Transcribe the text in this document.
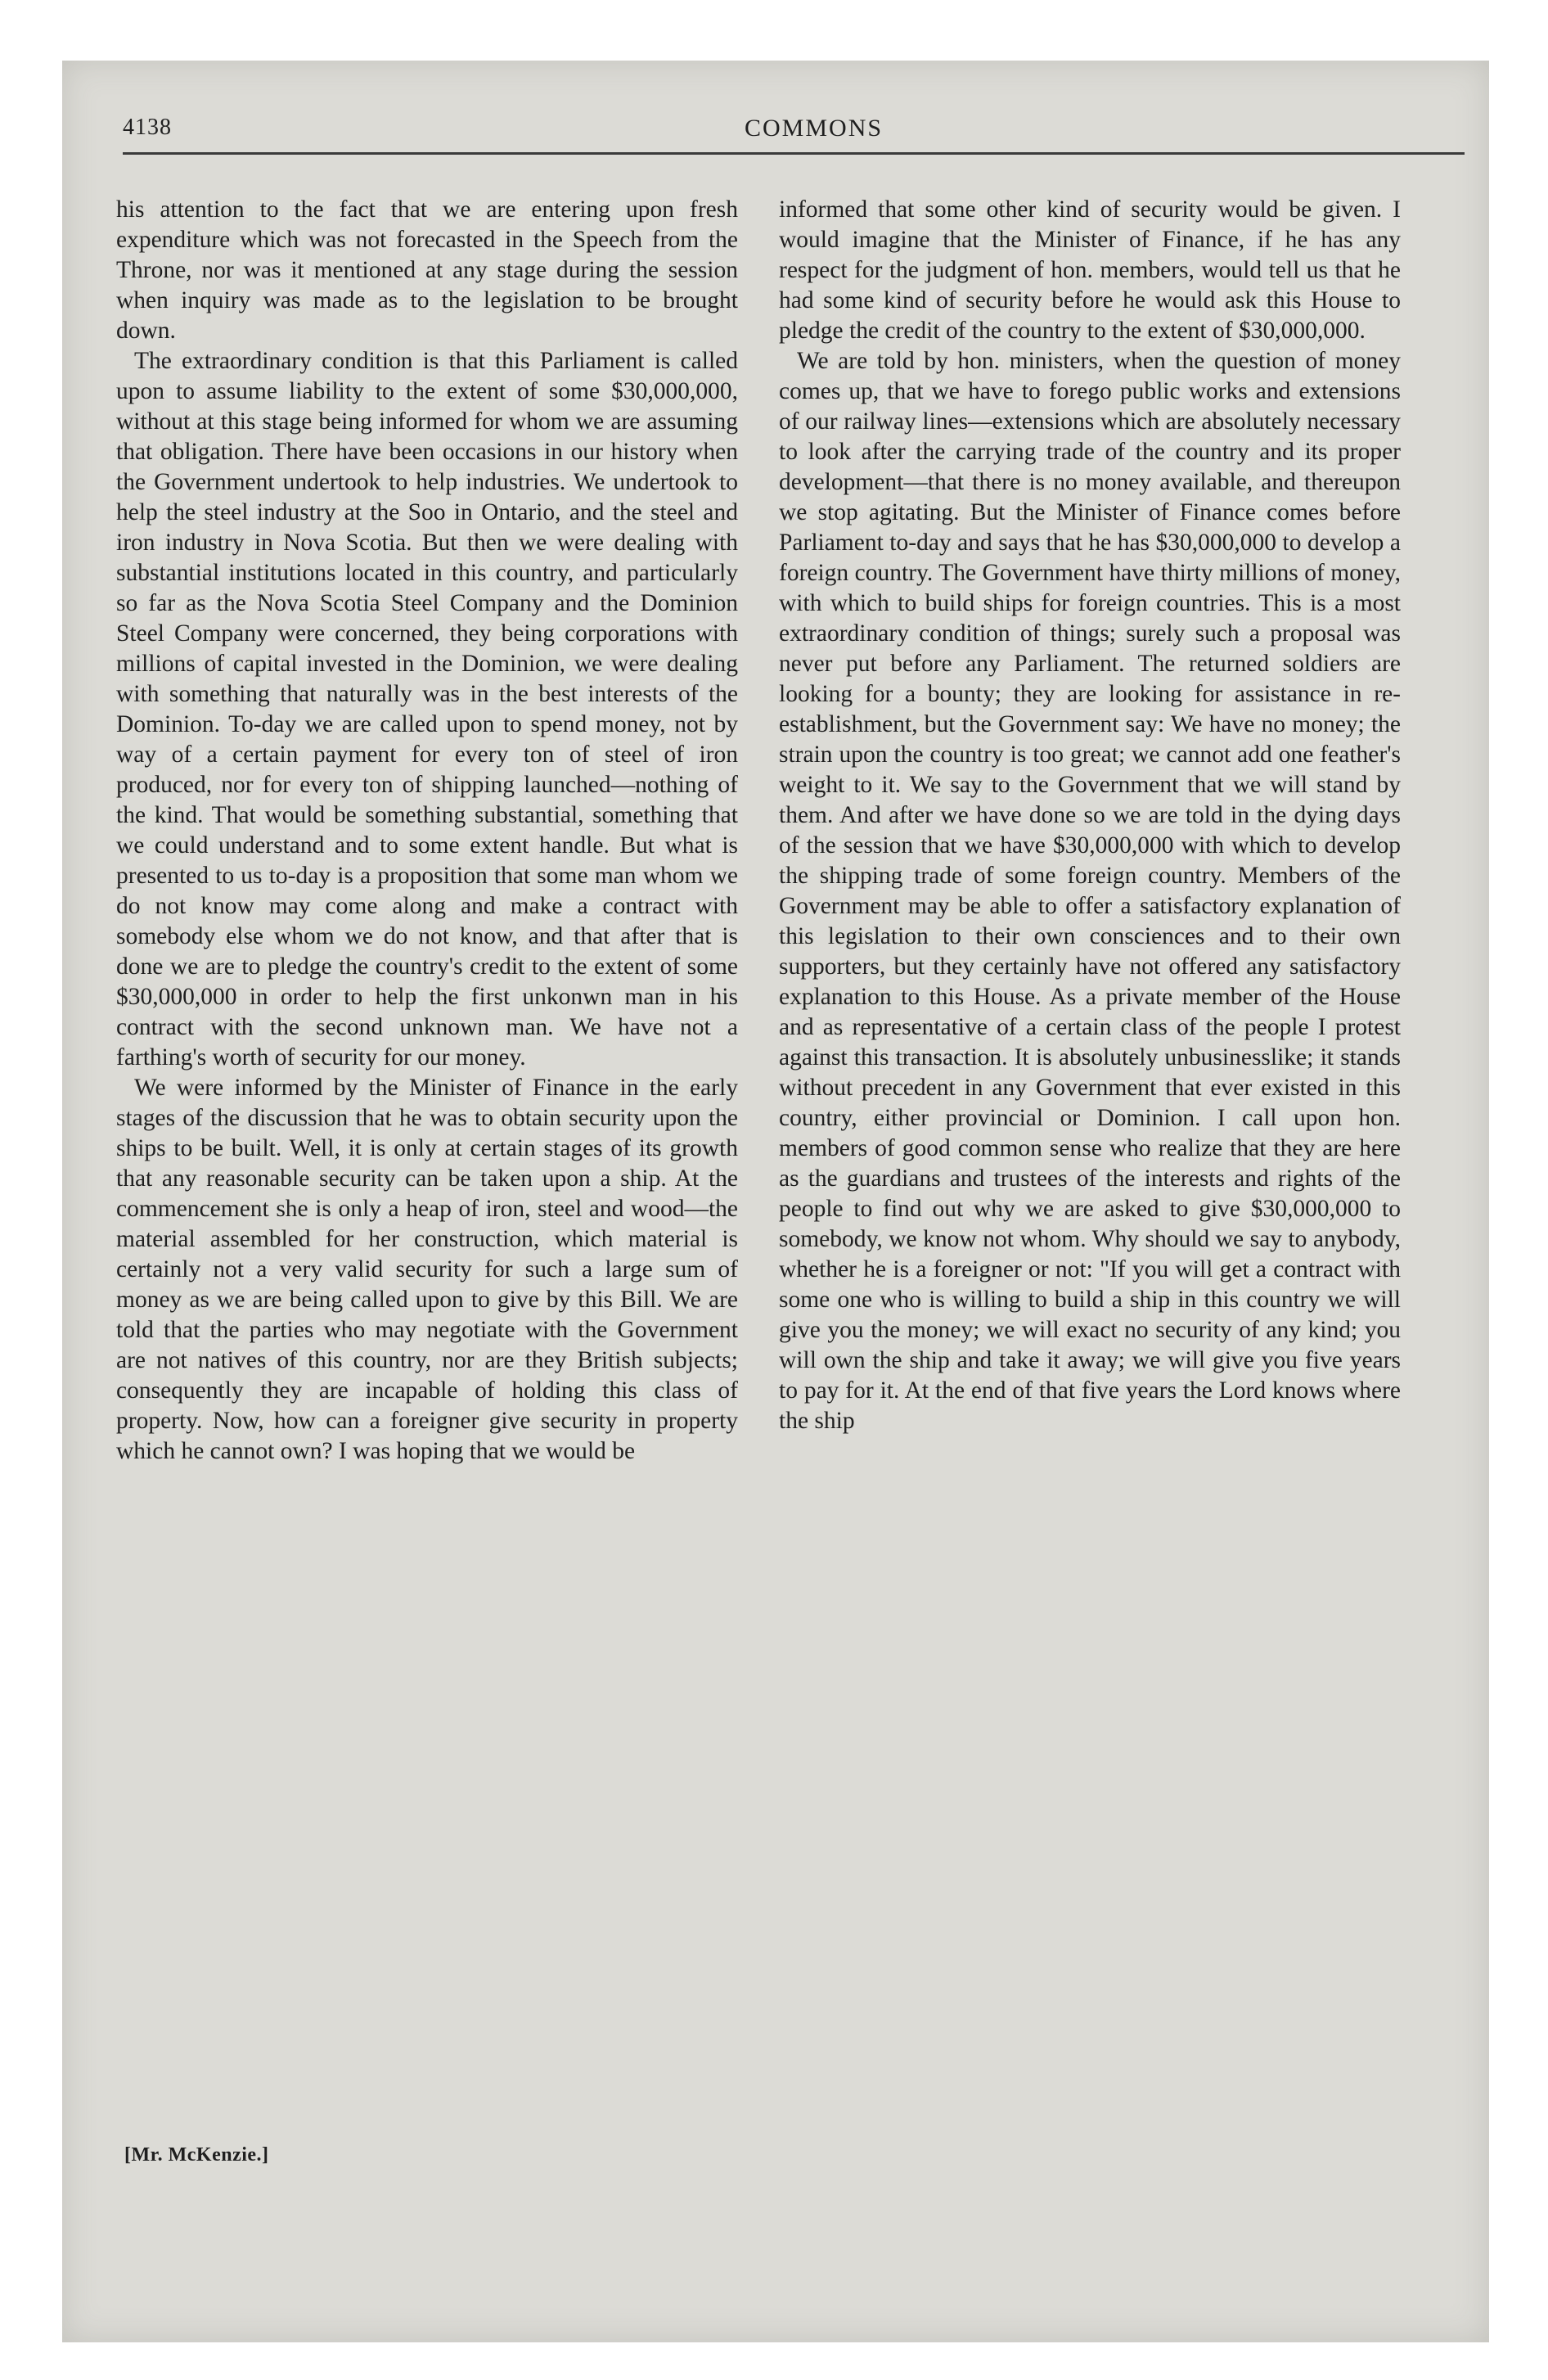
4138	COMMONS

his attention to the fact that we are entering upon fresh expenditure which was not forecasted in the Speech from the Throne, nor was it mentioned at any stage during the session when inquiry was made as to the legislation to be brought down.

The extraordinary condition is that this Parliament is called upon to assume liability to the extent of some $30,000,000, without at this stage being informed for whom we are assuming that obligation. There have been occasions in our history when the Government undertook to help industries. We undertook to help the steel industry at the Soo in Ontario, and the steel and iron industry in Nova Scotia. But then we were dealing with substantial institutions located in this country, and particularly so far as the Nova Scotia Steel Company and the Dominion Steel Company were concerned, they being corporations with millions of capital invested in the Dominion, we were dealing with something that naturally was in the best interests of the Dominion. To-day we are called upon to spend money, not by way of a certain payment for every ton of steel of iron produced, nor for every ton of shipping launched—nothing of the kind. That would be something substantial, something that we could understand and to some extent handle. But what is presented to us to-day is a proposition that some man whom we do not know may come along and make a contract with somebody else whom we do not know, and that after that is done we are to pledge the country's credit to the extent of some $30,000,000 in order to help the first unkonwn man in his contract with the second unknown man. We have not a farthing's worth of security for our money.

We were informed by the Minister of Finance in the early stages of the discussion that he was to obtain security upon the ships to be built. Well, it is only at certain stages of its growth that any reasonable security can be taken upon a ship. At the commencement she is only a heap of iron, steel and wood—the material assembled for her construction, which material is certainly not a very valid security for such a large sum of money as we are being called upon to give by this Bill. We are told that the parties who may negotiate with the Government are not natives of this country, nor are they British subjects; consequently they are incapable of holding this class of property. Now, how can a foreigner give security in property which he cannot own? I was hoping that we would be

informed that some other kind of security would be given. I would imagine that the Minister of Finance, if he has any respect for the judgment of hon. members, would tell us that he had some kind of security before he would ask this House to pledge the credit of the country to the extent of $30,000,000.

We are told by hon. ministers, when the question of money comes up, that we have to forego public works and extensions of our railway lines—extensions which are absolutely necessary to look after the carrying trade of the country and its proper development—that there is no money available, and thereupon we stop agitating. But the Minister of Finance comes before Parliament to-day and says that he has $30,000,000 to develop a foreign country. The Government have thirty millions of money, with which to build ships for foreign countries. This is a most extraordinary condition of things; surely such a proposal was never put before any Parliament. The returned soldiers are looking for a bounty; they are looking for assistance in re-establishment, but the Government say: We have no money; the strain upon the country is too great; we cannot add one feather's weight to it. We say to the Government that we will stand by them. And after we have done so we are told in the dying days of the session that we have $30,000,000 with which to develop the shipping trade of some foreign country. Members of the Government may be able to offer a satisfactory explanation of this legislation to their own consciences and to their own supporters, but they certainly have not offered any satisfactory explanation to this House. As a private member of the House and as representative of a certain class of the people I protest against this transaction. It is absolutely unbusinesslike; it stands without precedent in any Government that ever existed in this country, either provincial or Dominion. I call upon hon. members of good common sense who realize that they are here as the guardians and trustees of the interests and rights of the people to find out why we are asked to give $30,000,000 to somebody, we know not whom. Why should we say to anybody, whether he is a foreigner or not: "If you will get a contract with some one who is willing to build a ship in this country we will give you the money; we will exact no security of any kind; you will own the ship and take it away; we will give you five years to pay for it. At the end of that five years the Lord knows where the ship

[Mr. McKenzie.]
